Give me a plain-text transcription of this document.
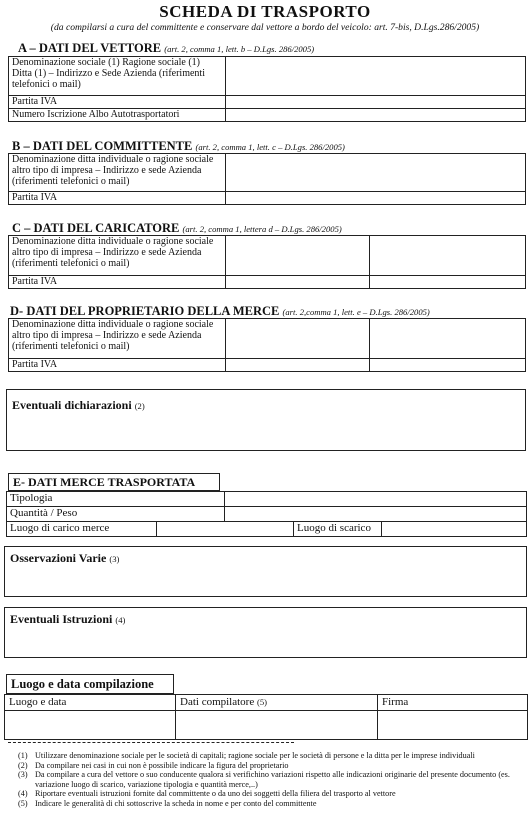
SCHEDA DI TRASPORTO
(da compilarsi a cura del committente e conservare dal vettore a bordo del veicolo: art. 7-bis, D.Lgs.286/2005)
A – DATI DEL VETTORE (art. 2, comma 1, lett. b – D.Lgs. 286/2005)
Denominazione sociale (1) Ragione sociale (1) Ditta (1) – Indirizzo e Sede Azienda (riferimenti telefonici o mail)	
Partita IVA	
Numero Iscrizione Albo Autotrasportatori	
B – DATI DEL COMMITTENTE (art. 2, comma 1, lett. c – D.Lgs. 286/2005)
Denominazione ditta individuale o ragione sociale altro tipo di impresa – Indirizzo e sede Azienda (riferimenti telefonici o mail)	
Partita IVA	
C – DATI DEL CARICATORE (art. 2, comma 1, lettera d – D.Lgs. 286/2005)
Denominazione ditta individuale o ragione sociale altro tipo di impresa – Indirizzo e sede Azienda (riferimenti telefonici o mail)		
Partita IVA		
D- DATI DEL PROPRIETARIO DELLA MERCE (art. 2,comma 1, lett. e – D.Lgs. 286/2005)
Denominazione ditta individuale o ragione sociale altro tipo di impresa – Indirizzo e sede Azienda (riferimenti telefonici o mail)		
Partita IVA		
Eventuali dichiarazioni (2)
E- DATI MERCE TRASPORTATA
Tipologia				
Quantità / Peso				
Luogo di carico merce			Luogo di scarico	
Osservazioni Varie (3)
Eventuali Istruzioni (4)
Luogo e data compilazione
Luogo e data	Dati compilatore (5)	Firma

(1) Utilizzare denominazione sociale per le società di capitali; ragione sociale per le società di persone e la ditta per le imprese individuali
(2) Da compilare nei casi in cui non è possibile indicare la figura del proprietario
(3) Da compilare a cura del vettore o suo conducente qualora si verifichino variazioni rispetto alle indicazioni originarie del presente documento (es. variazione luogo di scarico, variazione tipologia e quantità merce,..)
(4) Riportare eventuali istruzioni fornite dal committente o da uno dei soggetti della filiera del trasporto al vettore
(5) Indicare le generalità di chi sottoscrive la scheda in nome e per conto del committente
